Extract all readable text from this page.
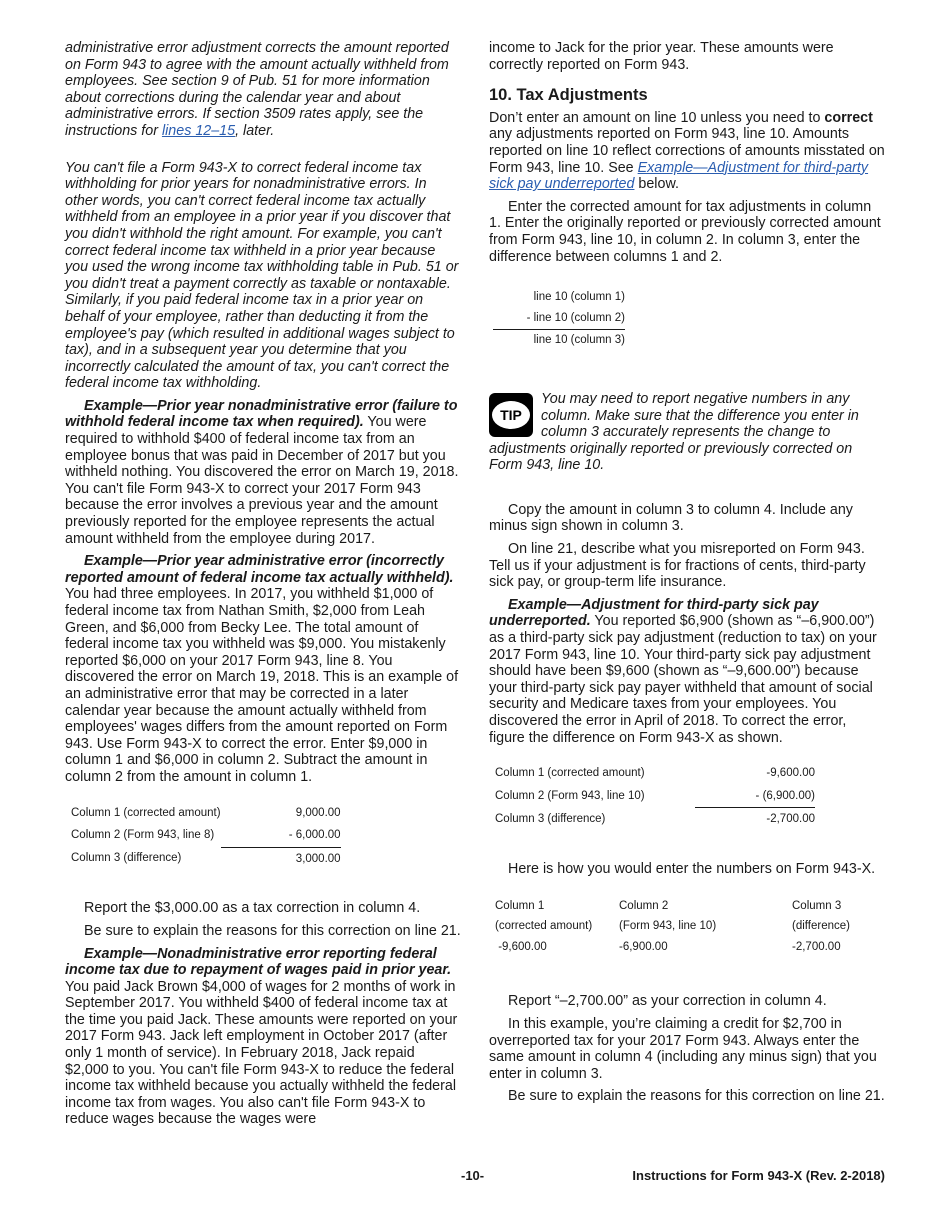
administrative error adjustment corrects the amount reported on Form 943 to agree with the amount actually withheld from employees. See section 9 of Pub. 51 for more information about corrections during the calendar year and about administrative errors. If section 3509 rates apply, see the instructions for lines 12–15, later.

You can't file a Form 943-X to correct federal income tax withholding for prior years for nonadministrative errors. In other words, you can't correct federal income tax actually withheld from an employee in a prior year if you discover that you didn't withhold the right amount. For example, you can't correct federal income tax withheld in a prior year because you used the wrong income tax withholding table in Pub. 51 or you didn't treat a payment correctly as taxable or nontaxable. Similarly, if you paid federal income tax in a prior year on behalf of your employee, rather than deducting it from the employee's pay (which resulted in additional wages subject to tax), and in a subsequent year you determine that you incorrectly calculated the amount of tax, you can't correct the federal income tax withholding.

Example—Prior year nonadministrative error (failure to withhold federal income tax when required). You were required to withhold $400 of federal income tax from an employee bonus that was paid in December of 2017 but you withheld nothing. You discovered the error on March 19, 2018. You can't file Form 943-X to correct your 2017 Form 943 because the error involves a previous year and the amount previously reported for the employee represents the actual amount withheld from the employee during 2017.

Example—Prior year administrative error (incorrectly reported amount of federal income tax actually withheld). You had three employees. In 2017, you withheld $1,000 of federal income tax from Nathan Smith, $2,000 from Leah Green, and $6,000 from Becky Lee. The total amount of federal income tax you withheld was $9,000. You mistakenly reported $6,000 on your 2017 Form 943, line 8. You discovered the error on March 19, 2018. This is an example of an administrative error that may be corrected in a later calendar year because the amount actually withheld from employees' wages differs from the amount reported on Form 943. Use Form 943-X to correct the error. Enter $9,000 in column 1 and $6,000 in column 2. Subtract the amount in column 2 from the amount in column 1.

Column 1 (corrected amount)	9,000.00
Column 2 (Form 943, line 8)	- 6,000.00
Column 3 (difference)	3,000.00

Report the $3,000.00 as a tax correction in column 4.

Be sure to explain the reasons for this correction on line 21.

Example—Nonadministrative error reporting federal income tax due to repayment of wages paid in prior year. You paid Jack Brown $4,000 of wages for 2 months of work in September 2017. You withheld $400 of federal income tax at the time you paid Jack. These amounts were reported on your 2017 Form 943. Jack left employment in October 2017 (after only 1 month of service). In February 2018, Jack repaid $2,000 to you. You can't file Form 943-X to reduce the federal income tax withheld because you actually withheld the federal income tax from wages. You also can't file Form 943-X to reduce wages because the wages were

income to Jack for the prior year. These amounts were correctly reported on Form 943.

10. Tax Adjustments

Don’t enter an amount on line 10 unless you need to correct any adjustments reported on Form 943, line 10. Amounts reported on line 10 reflect corrections of amounts misstated on Form 943, line 10. See Example—Adjustment for third-party sick pay underreported below.

Enter the corrected amount for tax adjustments in column 1. Enter the originally reported or previously corrected amount from Form 943, line 10, in column 2. In column 3, enter the difference between columns 1 and 2.

line 10 (column 1)
- line 10 (column 2)
line 10 (column 3)
TIP
You may need to report negative numbers in any column. Make sure that the difference you enter in column 3 accurately represents the change to adjustments originally reported or previously corrected on Form 943, line 10.

Copy the amount in column 3 to column 4. Include any minus sign shown in column 3.

On line 21, describe what you misreported on Form 943. Tell us if your adjustment is for fractions of cents, third-party sick pay, or group-term life insurance.

Example—Adjustment for third-party sick pay underreported. You reported $6,900 (shown as “–6,900.00”) as a third-party sick pay adjustment (reduction to tax) on your 2017 Form 943, line 10. Your third-party sick pay adjustment should have been $9,600 (shown as “–9,600.00”) because your third-party sick pay payer withheld that amount of social security and Medicare taxes from your employees. You discovered the error in April of 2018. To correct the error, figure the difference on Form 943-X as shown.

Column 1 (corrected amount)	-9,600.00
Column 2 (Form 943, line 10)	- (6,900.00)
Column 3 (difference)	-2,700.00

Here is how you would enter the numbers on Form 943-X.

Column 1	Column 2	Column 3
(corrected amount)	(Form 943, line 10)	(difference)
-9,600.00	-6,900.00	-2,700.00

Report “–2,700.00” as your correction in column 4.

In this example, you’re claiming a credit for $2,700 in overreported tax for your 2017 Form 943. Always enter the same amount in column 4 (including any minus sign) that you enter in column 3.

Be sure to explain the reasons for this correction on line 21.

-10-	Instructions for Form 943-X (Rev. 2-2018)
